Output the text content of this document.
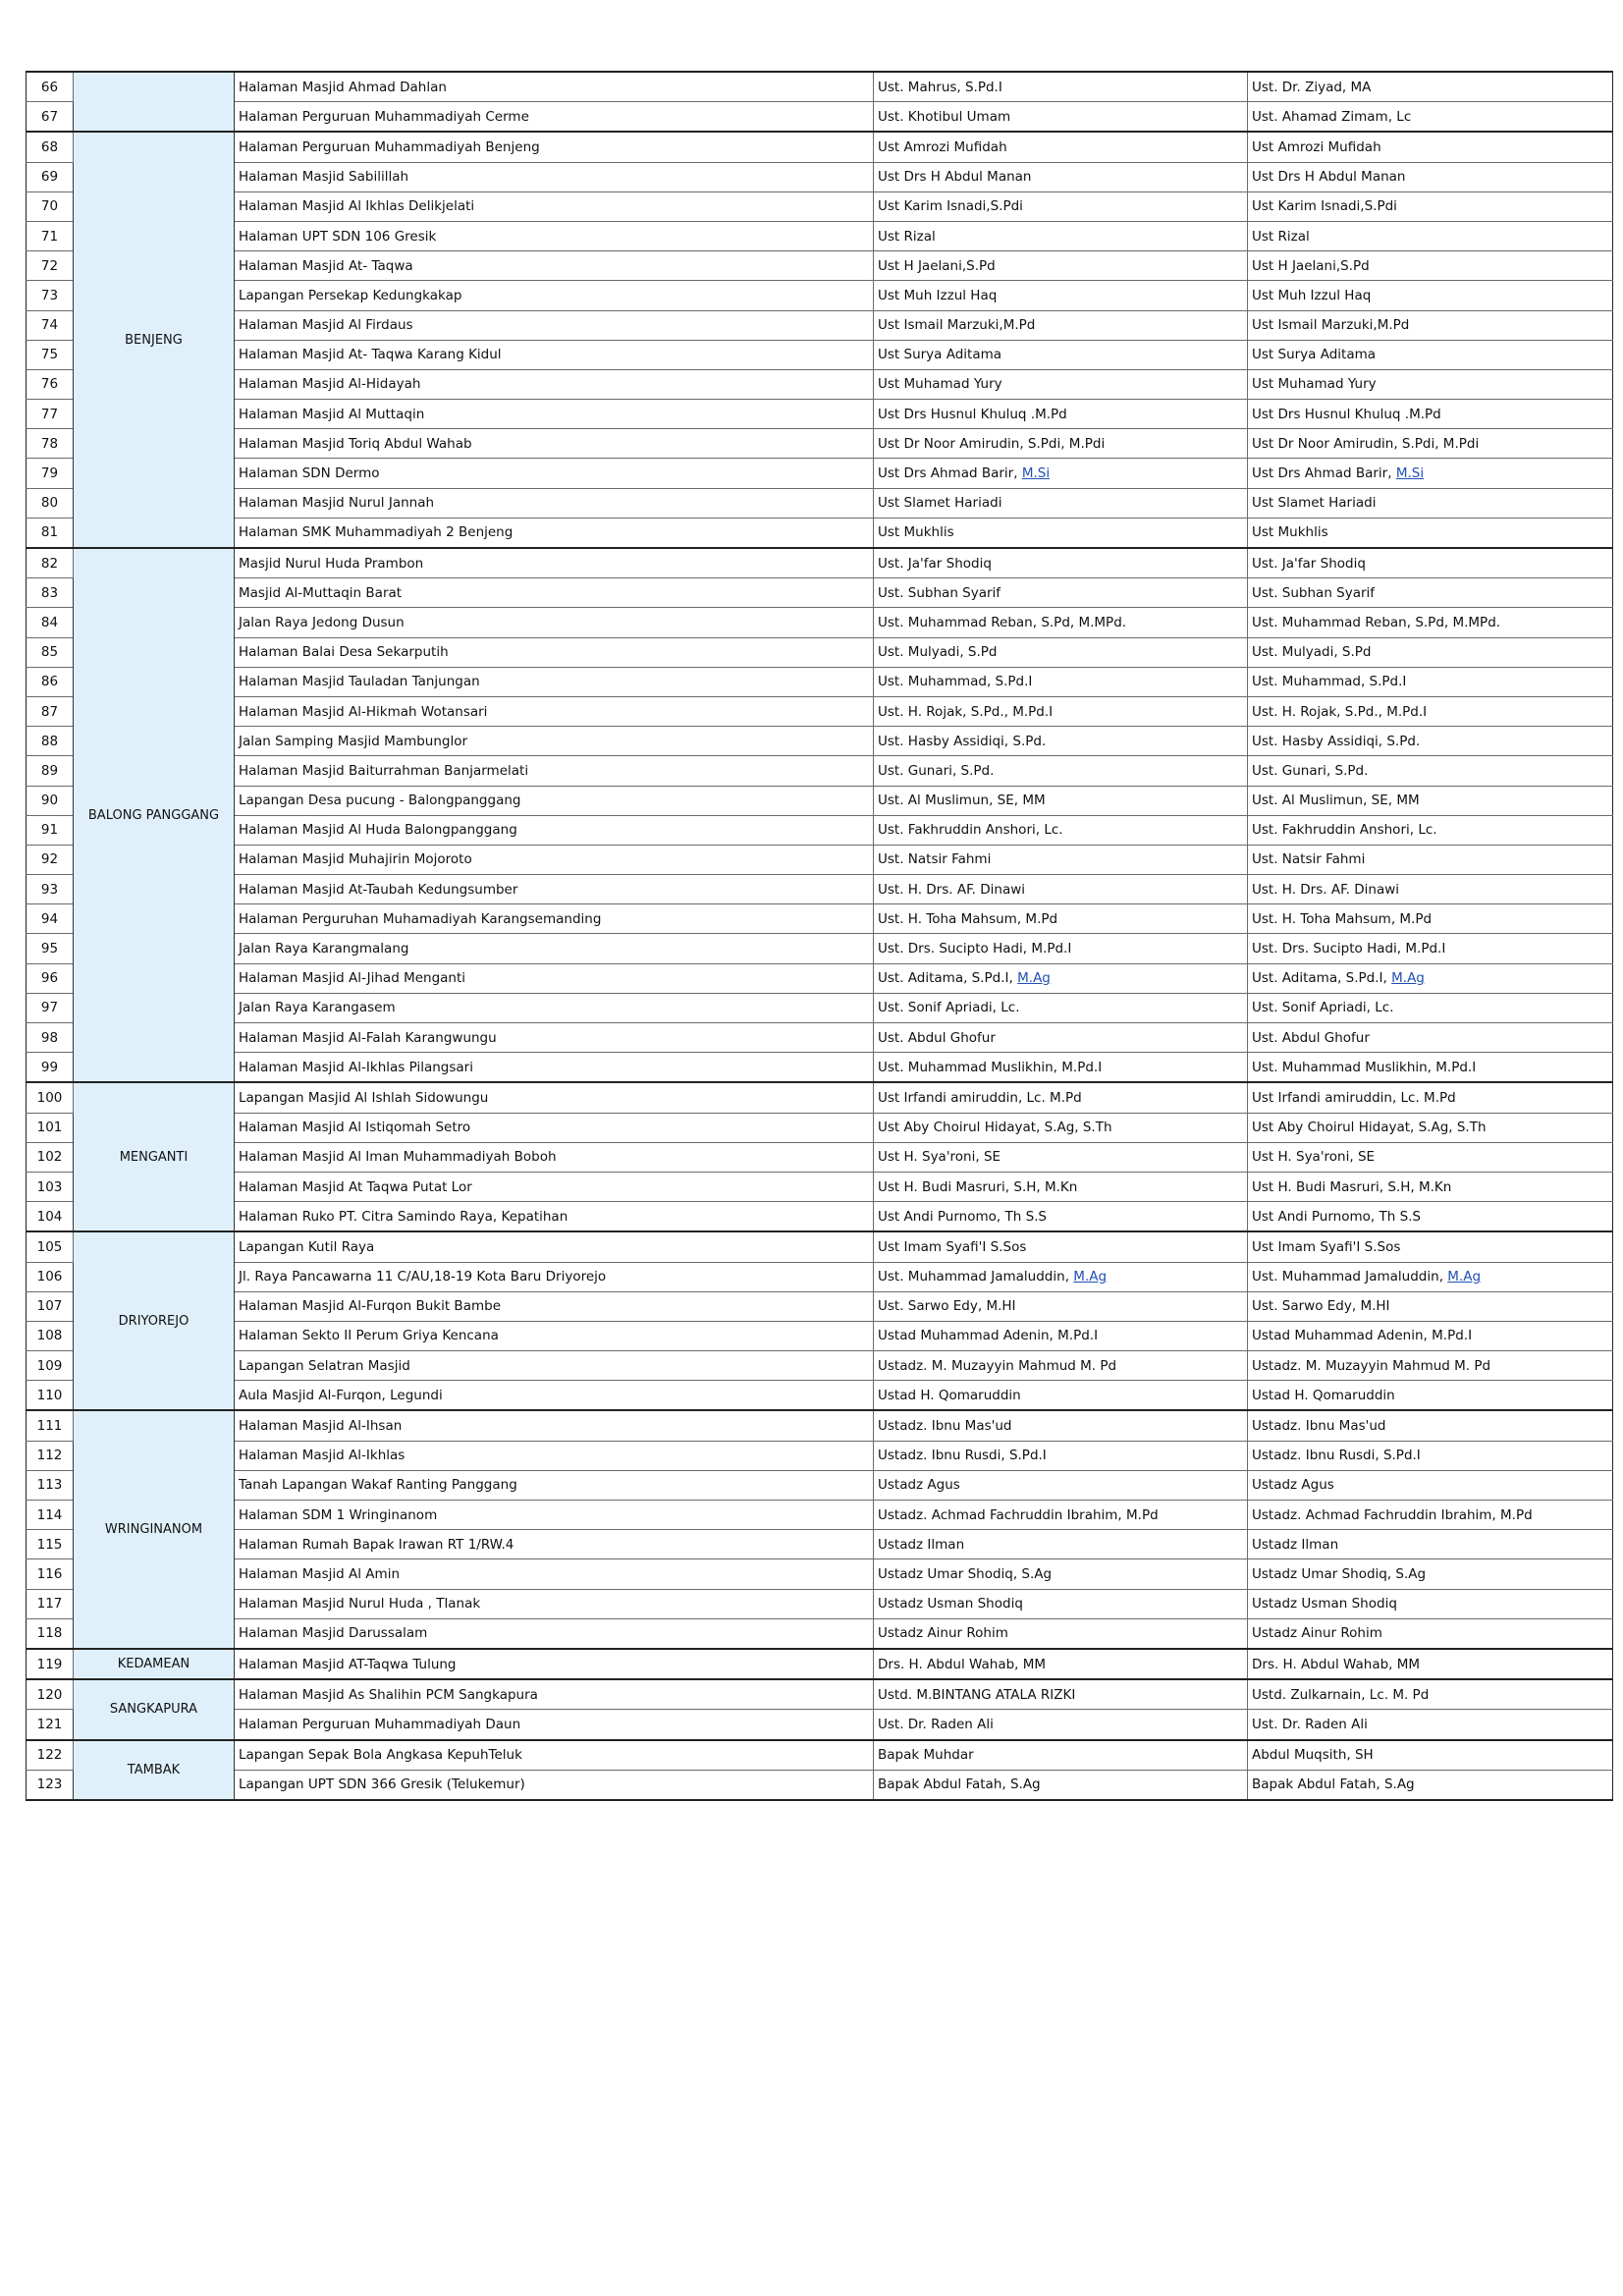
66		Halaman Masjid Ahmad Dahlan	Ust. Mahrus, S.Pd.I	Ust. Dr. Ziyad, MA
67		Halaman Perguruan Muhammadiyah Cerme	Ust. Khotibul Umam	Ust. Ahamad Zimam, Lc
68	BENJENG	Halaman Perguruan Muhammadiyah Benjeng	Ust Amrozi Mufidah	Ust Amrozi Mufidah
69		Halaman Masjid Sabilillah	Ust Drs H Abdul Manan	Ust Drs H Abdul Manan
70		Halaman Masjid Al Ikhlas Delikjelati	Ust Karim Isnadi,S.Pdi	Ust Karim Isnadi,S.Pdi
71		Halaman UPT SDN 106 Gresik	Ust Rizal	Ust Rizal
72		Halaman Masjid At- Taqwa	Ust H Jaelani,S.Pd	Ust H Jaelani,S.Pd
73		Lapangan Persekap Kedungkakap	Ust Muh Izzul Haq	Ust Muh Izzul Haq
74		Halaman Masjid Al Firdaus	Ust Ismail Marzuki,M.Pd	Ust Ismail Marzuki,M.Pd
75		Halaman Masjid At- Taqwa Karang Kidul	Ust Surya Aditama	Ust Surya Aditama
76		Halaman Masjid Al-Hidayah	Ust Muhamad Yury	Ust Muhamad Yury
77		Halaman Masjid Al Muttaqin	Ust Drs Husnul Khuluq .M.Pd	Ust Drs Husnul Khuluq .M.Pd
78		Halaman Masjid Toriq Abdul Wahab	Ust Dr Noor Amirudin, S.Pdi, M.Pdi	Ust Dr Noor Amirudin, S.Pdi, M.Pdi
79		Halaman SDN Dermo	Ust Drs Ahmad Barir, M.Si	Ust Drs Ahmad Barir, M.Si
80		Halaman Masjid Nurul Jannah	Ust Slamet Hariadi	Ust Slamet Hariadi
81		Halaman SMK Muhammadiyah 2 Benjeng	Ust Mukhlis	Ust Mukhlis
82	BALONG PANGGANG	Masjid Nurul Huda Prambon	Ust. Ja'far Shodiq	Ust. Ja'far Shodiq
83		Masjid Al-Muttaqin Barat	Ust. Subhan Syarif	Ust. Subhan Syarif
84		Jalan Raya Jedong Dusun	Ust. Muhammad Reban, S.Pd, M.MPd.	Ust. Muhammad Reban, S.Pd, M.MPd.
85		Halaman Balai Desa Sekarputih	Ust. Mulyadi, S.Pd	Ust. Mulyadi, S.Pd
86		Halaman Masjid Tauladan Tanjungan	Ust. Muhammad, S.Pd.I	Ust. Muhammad, S.Pd.I
87		Halaman Masjid Al-Hikmah Wotansari	Ust. H. Rojak, S.Pd., M.Pd.I	Ust. H. Rojak, S.Pd., M.Pd.I
88		Jalan Samping Masjid Mambunglor	Ust. Hasby Assidiqi, S.Pd.	Ust. Hasby Assidiqi, S.Pd.
89		Halaman Masjid Baiturrahman Banjarmelati	Ust. Gunari, S.Pd.	Ust. Gunari, S.Pd.
90		Lapangan Desa pucung - Balongpanggang	Ust. Al Muslimun, SE, MM	Ust. Al Muslimun, SE, MM
91		Halaman Masjid Al Huda Balongpanggang	Ust. Fakhruddin Anshori, Lc.	Ust. Fakhruddin Anshori, Lc.
92		Halaman Masjid Muhajirin Mojoroto	Ust. Natsir Fahmi	Ust. Natsir Fahmi
93		Halaman Masjid At-Taubah Kedungsumber	Ust. H. Drs. AF. Dinawi	Ust. H. Drs. AF. Dinawi
94		Halaman Perguruhan Muhamadiyah Karangsemanding	Ust. H. Toha Mahsum, M.Pd	Ust. H. Toha Mahsum, M.Pd
95		Jalan Raya Karangmalang	Ust. Drs. Sucipto Hadi, M.Pd.I	Ust. Drs. Sucipto Hadi, M.Pd.I
96		Halaman Masjid Al-Jihad Menganti	Ust. Aditama, S.Pd.I, M.Ag	Ust. Aditama, S.Pd.I, M.Ag
97		Jalan Raya Karangasem	Ust. Sonif Apriadi, Lc.	Ust. Sonif Apriadi, Lc.
98		Halaman Masjid Al-Falah Karangwungu	Ust. Abdul Ghofur	Ust. Abdul Ghofur
99		Halaman Masjid Al-Ikhlas Pilangsari	Ust. Muhammad Muslikhin, M.Pd.I	Ust. Muhammad Muslikhin, M.Pd.I
100	MENGANTI	Lapangan Masjid Al Ishlah Sidowungu	Ust Irfandi amiruddin, Lc. M.Pd	Ust Irfandi amiruddin, Lc. M.Pd
101		Halaman Masjid Al Istiqomah Setro	Ust Aby Choirul Hidayat, S.Ag, S.Th	Ust Aby Choirul Hidayat, S.Ag, S.Th
102		Halaman Masjid Al Iman Muhammadiyah Boboh	Ust H. Sya'roni, SE	Ust H. Sya'roni, SE
103		Halaman Masjid At Taqwa Putat Lor	Ust H. Budi Masruri, S.H, M.Kn	Ust H. Budi Masruri, S.H, M.Kn
104		Halaman Ruko PT. Citra Samindo Raya, Kepatihan	Ust Andi Purnomo, Th S.S	Ust Andi Purnomo, Th S.S
105	DRIYOREJO	Lapangan Kutil Raya	Ust Imam Syafi'I S.Sos	Ust Imam Syafi'I S.Sos
106		Jl. Raya Pancawarna 11 C/AU,18-19 Kota Baru Driyorejo	Ust. Muhammad Jamaluddin, M.Ag	Ust. Muhammad Jamaluddin, M.Ag
107		Halaman Masjid Al-Furqon Bukit Bambe	Ust. Sarwo Edy, M.HI	Ust. Sarwo Edy, M.HI
108		Halaman Sekto II Perum Griya Kencana	Ustad Muhammad Adenin, M.Pd.I	Ustad Muhammad Adenin, M.Pd.I
109		Lapangan Selatran Masjid	Ustadz. M. Muzayyin Mahmud M. Pd	Ustadz. M. Muzayyin Mahmud M. Pd
110		Aula Masjid Al-Furqon, Legundi	Ustad H. Qomaruddin	Ustad H. Qomaruddin
111	WRINGINANOM	Halaman Masjid Al-Ihsan	Ustadz. Ibnu Mas'ud	Ustadz. Ibnu Mas'ud
112		Halaman Masjid Al-Ikhlas	Ustadz. Ibnu Rusdi, S.Pd.I	Ustadz. Ibnu Rusdi, S.Pd.I
113		Tanah Lapangan Wakaf Ranting Panggang	Ustadz Agus	Ustadz Agus
114		Halaman SDM 1 Wringinanom	Ustadz. Achmad Fachruddin Ibrahim, M.Pd	Ustadz. Achmad Fachruddin Ibrahim, M.Pd
115		Halaman Rumah Bapak Irawan RT 1/RW.4	Ustadz Ilman	Ustadz Ilman
116		Halaman Masjid Al Amin	Ustadz Umar Shodiq, S.Ag	Ustadz Umar Shodiq, S.Ag
117		Halaman Masjid Nurul Huda , Tlanak	Ustadz Usman Shodiq	Ustadz Usman Shodiq
118		Halaman Masjid Darussalam	Ustadz Ainur Rohim	Ustadz Ainur Rohim
119	KEDAMEAN	Halaman Masjid AT-Taqwa Tulung	Drs. H. Abdul Wahab, MM	Drs. H. Abdul Wahab, MM
120	SANGKAPURA	Halaman Masjid As Shalihin PCM Sangkapura	Ustd. M.BINTANG ATALA RIZKI	Ustd. Zulkarnain, Lc. M. Pd
121		Halaman Perguruan Muhammadiyah Daun	Ust. Dr. Raden Ali	Ust. Dr. Raden Ali
122	TAMBAK	Lapangan Sepak Bola Angkasa KepuhTeluk	Bapak Muhdar	Abdul Muqsith, SH
123		Lapangan UPT SDN 366 Gresik (Telukemur)	Bapak Abdul Fatah, S.Ag	Bapak Abdul Fatah, S.Ag
